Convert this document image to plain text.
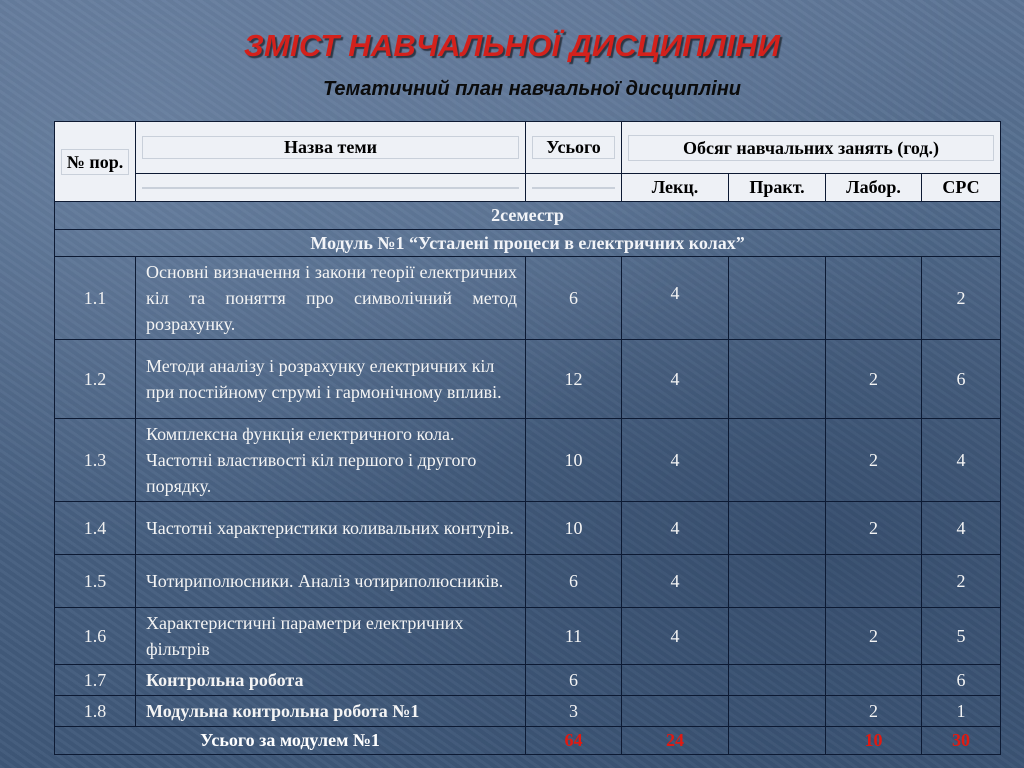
ЗМІСТ НАВЧАЛЬНОЇ ДИСЦИПЛІНИ
Тематичний план навчальної дисципліни
№ пор.	Назва теми	Усього	Обсяг навчальних занять (год.)			

		Лекц.	Практ.	Лабор.	СРС
2семестр						
Модуль №1 “Усталені процеси в електричних колах”						
1.1	Основні визначення і закони теорії електричних кіл та поняття про символічний метод розрахунку.	6	4			2
1.2	Методи аналізу і розрахунку електричних кіл при постійному струмі і гармонічному впливі.	12	4		2	6
1.3	Комплексна функція електричного кола. Частотні властивості кіл першого і другого порядку.	10	4		2	4
1.4	Частотні характеристики коливальних контурів.	10	4		2	4
1.5	Чотириполюсники. Аналіз чотириполюсників.	6	4			2
1.6	Характеристичні параметри електричних фільтрів	11	4		2	5
1.7	Контрольна робота	6				6
1.8	Модульна контрольна робота №1	3			2	1
Усього за модулем №1		64	24		10	30
